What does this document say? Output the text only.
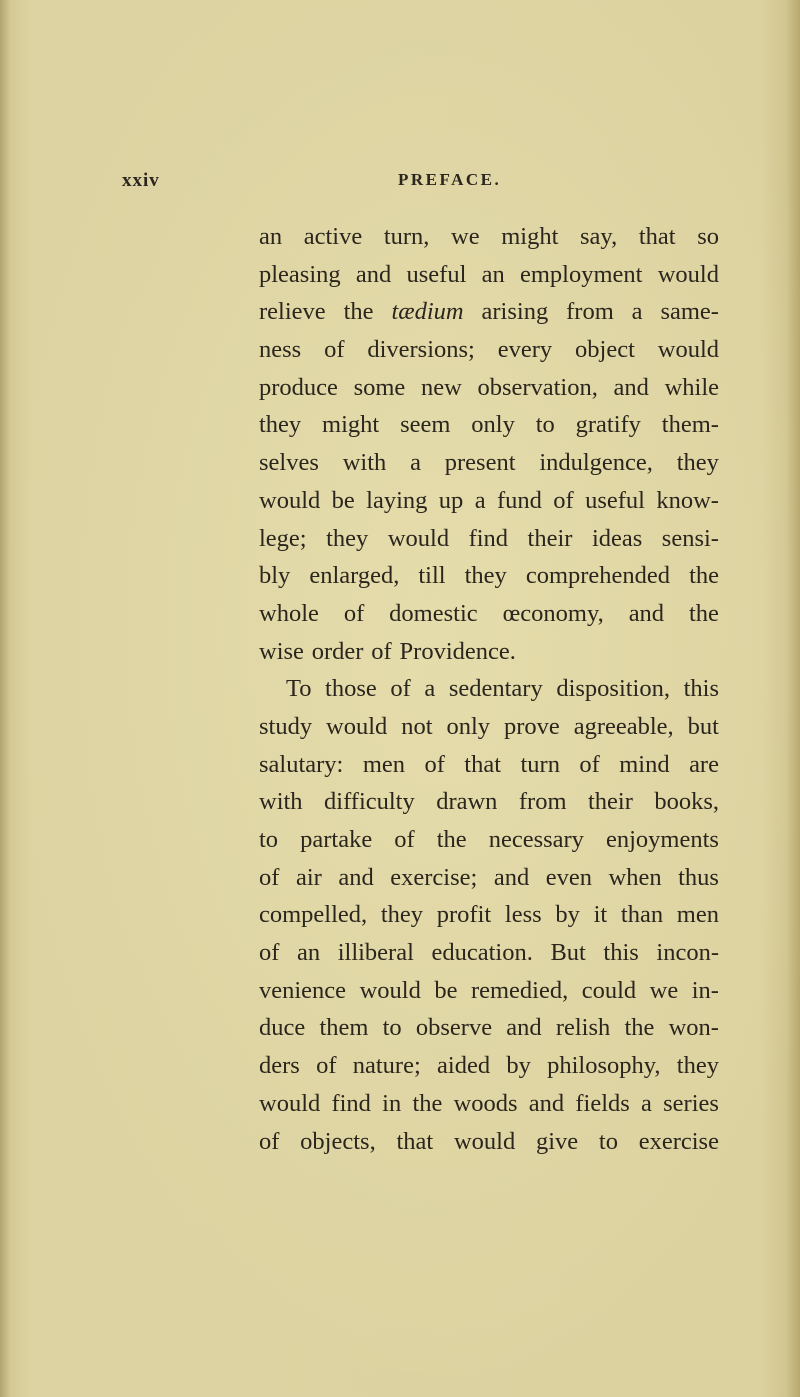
xxiv	PREFACE.
an active turn, we might say, that so
pleasing and useful an employment would
relieve the tædium arising from a same-
ness of diversions; every object would
produce some new observation, and while
they might seem only to gratify them-
selves with a present indulgence, they
would be laying up a fund of useful know-
lege; they would find their ideas sensi-
bly enlarged, till they comprehended the
whole of domestic œconomy, and the
wise order of Providence.
To those of a sedentary disposition, this
study would not only prove agreeable, but
salutary: men of that turn of mind are
with difficulty drawn from their books,
to partake of the necessary enjoyments
of air and exercise; and even when thus
compelled, they profit less by it than men
of an illiberal education. But this incon-
venience would be remedied, could we in-
duce them to observe and relish the won-
ders of nature; aided by philosophy, they
would find in the woods and fields a series
of objects, that would give to exercise
